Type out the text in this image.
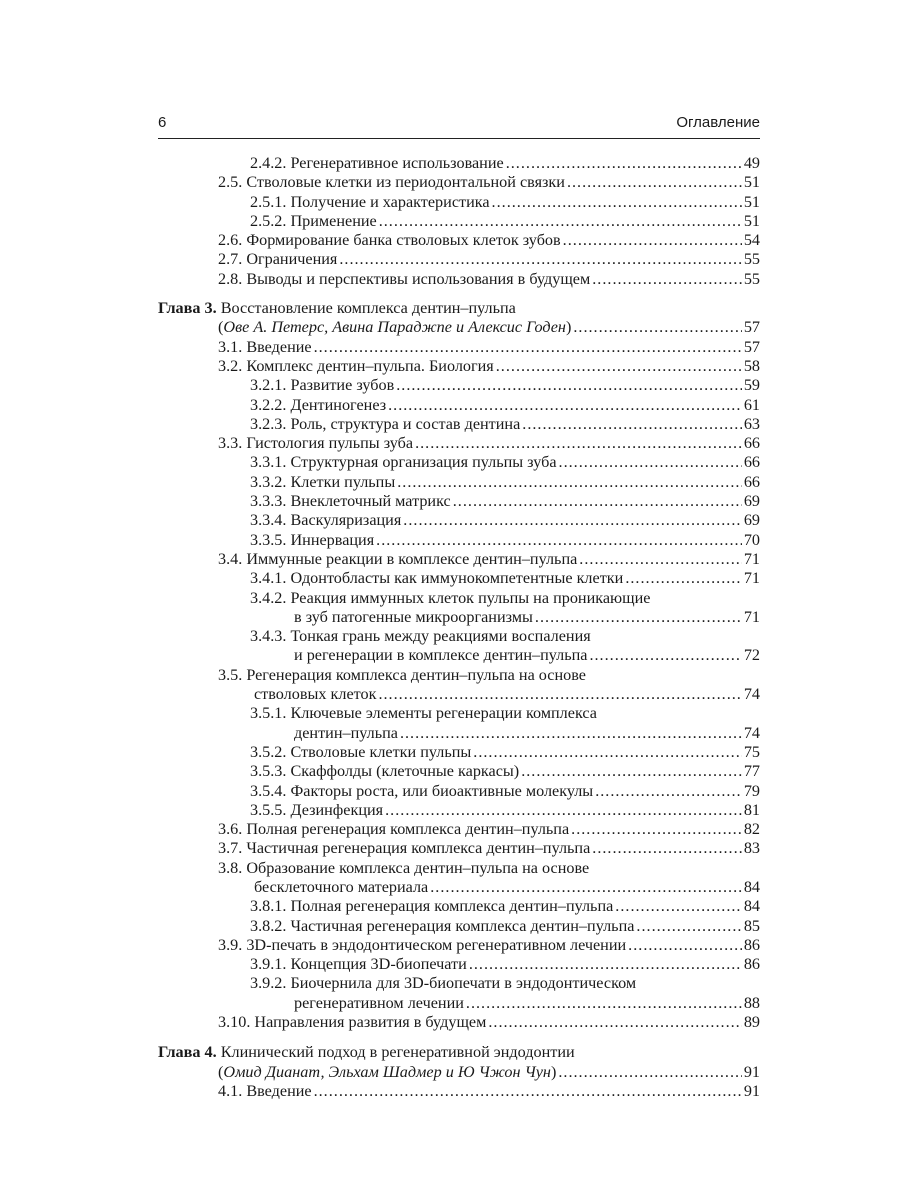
6	Оглавление
2.4.2. Регенеративное использование .....	49
2.5. Стволовые клетки из периодонтальной связки .....	51
2.5.1. Получение и характеристика .....	51
2.5.2. Применение .....	51
2.6. Формирование банка стволовых клеток зубов .....	54
2.7. Ограничения .....	55
2.8. Выводы и перспективы использования в будущем .....	55
Глава 3. Восстановление комплекса дентин–пульпа
(Ове А. Петерс, Авина Параджпе и Алексис Годен) .....	57
3.1. Введение .....	57
3.2. Комплекс дентин–пульпа. Биология .....	58
3.2.1. Развитие зубов .....	59
3.2.2. Дентиногенез .....	61
3.2.3. Роль, структура и состав дентина .....	63
3.3. Гистология пульпы зуба .....	66
3.3.1. Структурная организация пульпы зуба .....	66
3.3.2. Клетки пульпы .....	66
3.3.3. Внеклеточный матрикс .....	69
3.3.4. Васкуляризация .....	69
3.3.5. Иннервация .....	70
3.4. Иммунные реакции в комплексе дентин–пульпа .....	71
3.4.1. Одонтобласты как иммунокомпетентные клетки .....	71
3.4.2. Реакция иммунных клеток пульпы на проникающие
в зуб патогенные микроорганизмы .....	71
3.4.3. Тонкая грань между реакциями воспаления
и регенерации в комплексе дентин–пульпа .....	72
3.5. Регенерация комплекса дентин–пульпа на основе
стволовых клеток .....	74
3.5.1. Ключевые элементы регенерации комплекса
дентин–пульпа .....	74
3.5.2. Стволовые клетки пульпы .....	75
3.5.3. Скаффолды (клеточные каркасы) .....	77
3.5.4. Факторы роста, или биоактивные молекулы .....	79
3.5.5. Дезинфекция .....	81
3.6. Полная регенерация комплекса дентин–пульпа .....	82
3.7. Частичная регенерация комплекса дентин–пульпа .....	83
3.8. Образование комплекса дентин–пульпа на основе
бесклеточного материала .....	84
3.8.1. Полная регенерация комплекса дентин–пульпа .....	84
3.8.2. Частичная регенерация комплекса дентин–пульпа .....	85
3.9. 3D-печать в эндодонтическом регенеративном лечении .....	86
3.9.1. Концепция 3D-биопечати .....	86
3.9.2. Биочернила для 3D-биопечати в эндодонтическом
регенеративном лечении .....	88
3.10. Направления развития в будущем .....	89
Глава 4. Клинический подход в регенеративной эндодонтии
(Омид Дианат, Эльхам Шадмер и Ю Чжон Чун) .....	91
4.1. Введение .....	91
